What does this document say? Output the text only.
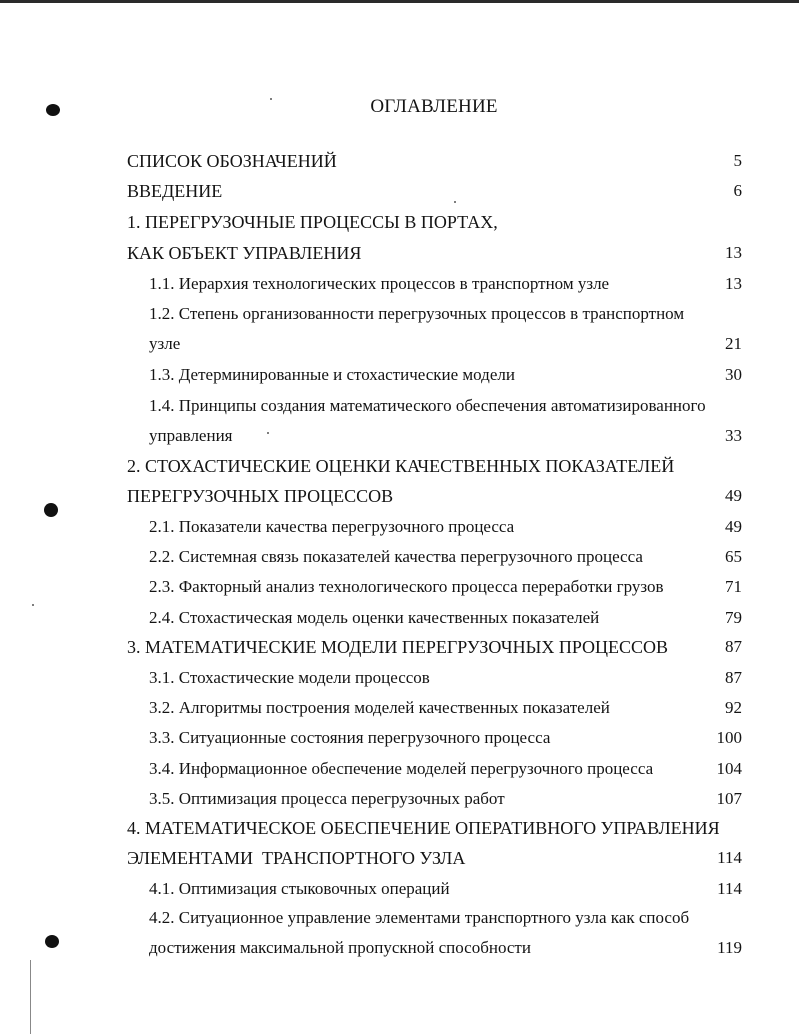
ОГЛАВЛЕНИЕ
СПИСОК ОБОЗНАЧЕНИЙ	5
ВВЕДЕНИЕ	6
1. ПЕРЕГРУЗОЧНЫЕ ПРОЦЕССЫ В ПОРТАХ,
КАК ОБЪЕКТ УПРАВЛЕНИЯ	13
1.1. Иерархия технологических процессов в транспортном узле	13
1.2. Степень организованности перегрузочных процессов в транспортном
узле	21
1.3. Детерминированные и стохастические модели	30
1.4. Принципы создания математического обеспечения автоматизированного
управления	33
2. СТОХАСТИЧЕСКИЕ ОЦЕНКИ КАЧЕСТВЕННЫХ ПОКАЗАТЕЛЕЙ
ПЕРЕГРУЗОЧНЫХ ПРОЦЕССОВ	49
2.1. Показатели качества перегрузочного процесса	49
2.2. Системная связь показателей качества перегрузочного процесса	65
2.3. Факторный анализ технологического процесса переработки грузов	71
2.4. Стохастическая модель оценки качественных показателей	79
3. МАТЕМАТИЧЕСКИЕ МОДЕЛИ ПЕРЕГРУЗОЧНЫХ ПРОЦЕССОВ	87
3.1. Стохастические модели процессов	87
3.2. Алгоритмы построения моделей качественных показателей	92
3.3. Ситуационные состояния перегрузочного процесса	100
3.4. Информационное обеспечение моделей перегрузочного процесса	104
3.5. Оптимизация процесса перегрузочных работ	107
4. МАТЕМАТИЧЕСКОЕ ОБЕСПЕЧЕНИЕ ОПЕРАТИВНОГО УПРАВЛЕНИЯ
ЭЛЕМЕНТАМИ  ТРАНСПОРТНОГО УЗЛА	114
4.1. Оптимизация стыковочных операций	114
4.2. Ситуационное управление элементами транспортного узла как способ
достижения максимальной пропускной способности	119
